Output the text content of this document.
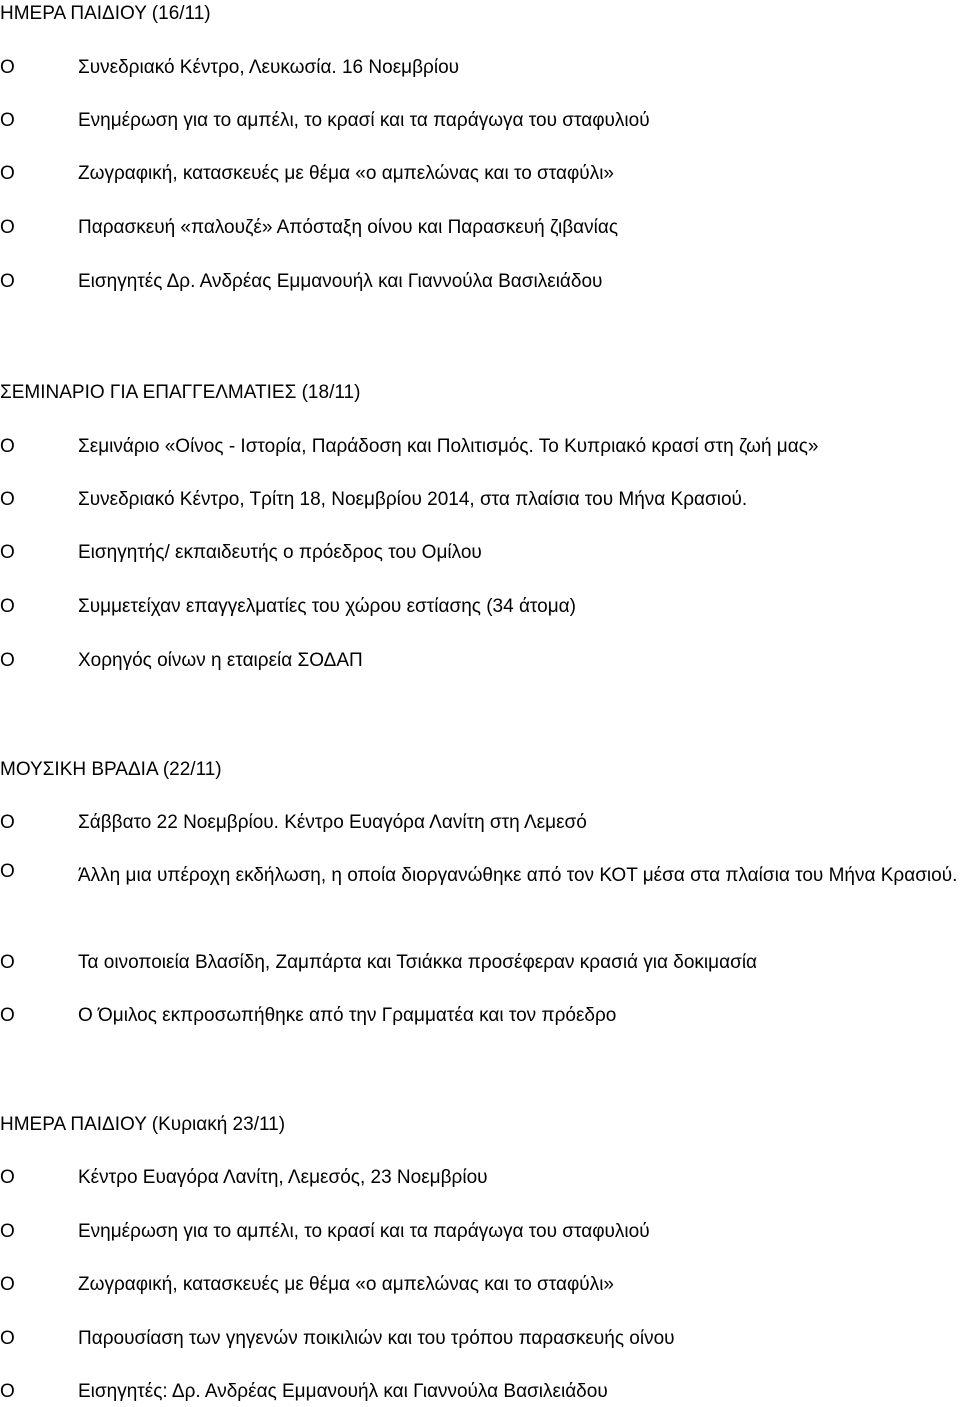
ΗΜΕΡΑ ΠΑΙΔΙΟΥ (16/11)
O	Συνεδριακό Κέντρο, Λευκωσία. 16 Νοεμβρίου
O	Ενημέρωση για το αμπέλι, το κρασί και τα παράγωγα του σταφυλιού
O	Ζωγραφική, κατασκευές με θέμα «ο αμπελώνας και το σταφύλι»
O	Παρασκευή «παλουζέ» Απόσταξη οίνου και Παρασκευή ζιβανίας
O	Εισηγητές Δρ. Ανδρέας Εμμανουήλ και Γιαννούλα Βασιλειάδου
ΣΕΜΙΝΑΡΙΟ ΓΙΑ ΕΠΑΓΓΕΛΜΑΤΙΕΣ (18/11)
O	Σεμινάριο «Οίνος - Ιστορία, Παράδοση και Πολιτισμός. Το Κυπριακό κρασί στη ζωή μας»
O	Συνεδριακό Κέντρο, Τρίτη 18, Νοεμβρίου 2014, στα πλαίσια του Μήνα Κρασιού.
O	Εισηγητής/ εκπαιδευτής ο πρόεδρος του Ομίλου
O	Συμμετείχαν επαγγελματίες του χώρου εστίασης (34 άτομα)
O	Χορηγός οίνων η εταιρεία ΣΟΔΑΠ
ΜΟΥΣΙΚΗ ΒΡΑΔΙΑ (22/11)
O	Σάββατο 22 Νοεμβρίου. Κέντρο Ευαγόρα Λανίτη στη Λεμεσό
O	Άλλη μια υπέροχη εκδήλωση, η οποία διοργανώθηκε από τον ΚΟΤ μέσα στα πλαίσια του Μήνα Κρασιού.
O	Τα οινοποιεία Βλασίδη, Ζαμπάρτα και Τσιάκκα προσέφεραν κρασιά για δοκιμασία
O	Ο Όμιλος εκπροσωπήθηκε από την Γραμματέα και τον πρόεδρο
ΗΜΕΡΑ ΠΑΙΔΙΟΥ (Κυριακή 23/11)
O	Κέντρο Ευαγόρα Λανίτη, Λεμεσός, 23 Νοεμβρίου
O	Ενημέρωση για το αμπέλι, το κρασί και τα παράγωγα του σταφυλιού
O	Ζωγραφική, κατασκευές με θέμα «ο αμπελώνας και το σταφύλι»
O	Παρουσίαση των γηγενών ποικιλιών και του τρόπου παρασκευής οίνου
O	Εισηγητές: Δρ. Ανδρέας Εμμανουήλ και Γιαννούλα Βασιλειάδου
